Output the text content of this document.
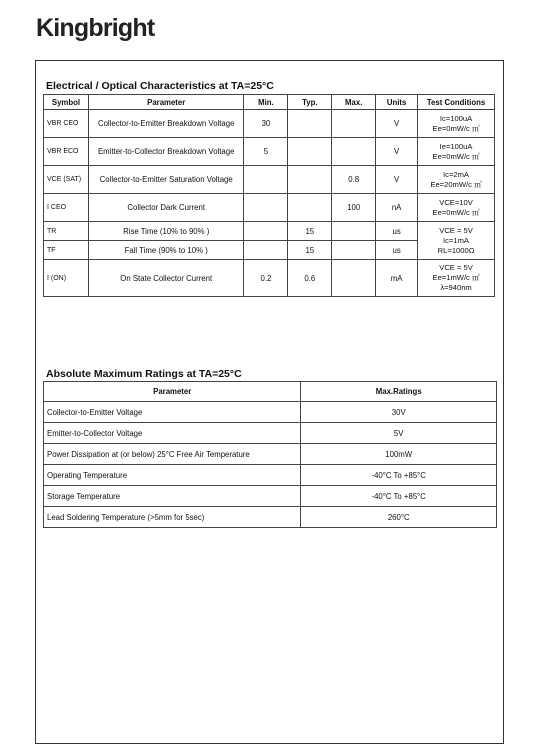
Kingbright
Electrical / Optical Characteristics at TA=25°C
Symbol	Parameter	Min.	Typ.	Max.	Units	Test Conditions
VBR CEO	Collector-to-Emitter Breakdown Voltage	30			V	Ic=100uA
Ee=0mW/c ㎡

VBR ECO	Emitter-to-Collector Breakdown Voltage	5			V	Ie=100uA
Ee=0mW/c ㎡

VCE (SAT)	Collector-to-Emitter Saturation Voltage			0.8	V	Ic=2mA
Ee=20mW/c ㎡

I CEO	Collector Dark Current			100	nA	VCE=10V
Ee=0mW/c ㎡

TR	Rise Time (10% to 90% )		15		us	VCE = 5V
Ic=1mA
RL=1000Ω

TF	Fall Time (90% to 10% )		15		us	
I (ON)	On State Collector Current	0.2	0.6		mA	VCE = 5V
Ee=1mW/c ㎡
λ=940nm
Absolute Maximum Ratings at TA=25°C
Parameter	Max.Ratings
Collector-to-Emitter Voltage	30V
Emitter-to-Collector Voltage	5V
Power Dissipation at (or below) 25°C Free Air Temperature	100mW
Operating Temperature	-40°C To +85°C
Storage Temperature	-40°C To +85°C
Lead Soldering Temperature (>5mm for 5sec)	260°C
